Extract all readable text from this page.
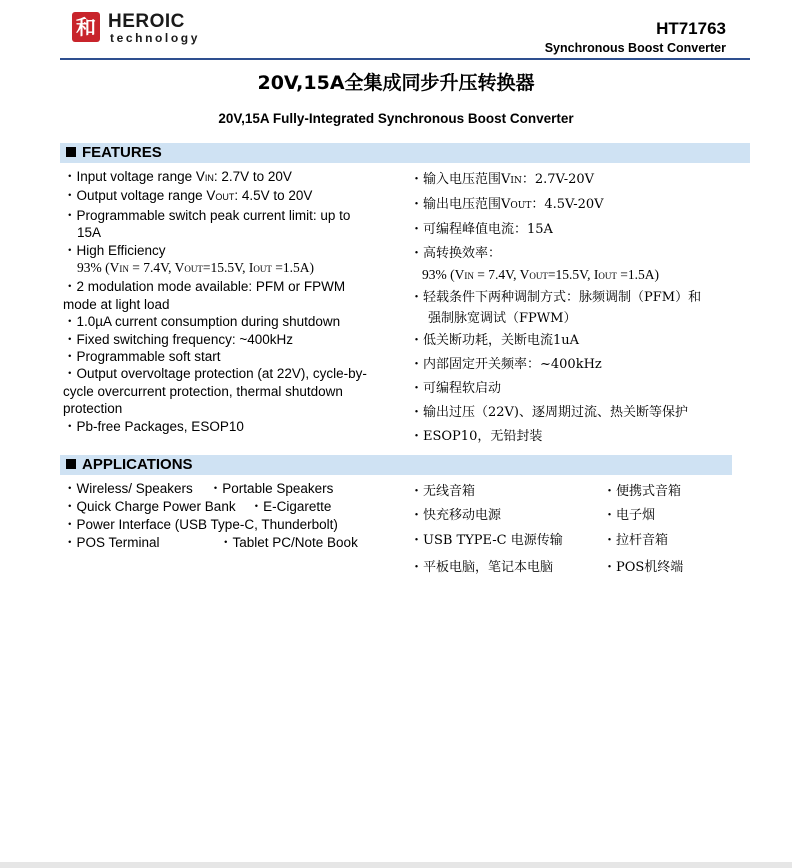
和 HEROIC
technology	HT71763
Synchronous Boost Converter
20V,15A全集成同步升压转换器
20V,15A Fully-Integrated Synchronous Boost Converter
FEATURES
・Input voltage range VIN: 2.7V to 20V
・Output voltage range VOUT: 4.5V to 20V
・Programmable switch peak current limit: up to
15A
・High Efficiency
93% (VIN = 7.4V, VOUT=15.5V, IOUT =1.5A)
・2 modulation mode available: PFM or FPWM
mode at light load
・1.0µA current consumption during shutdown
・Fixed switching frequency: ~400kHz
・Programmable soft start
・Output overvoltage protection (at 22V), cycle-by-
cycle overcurrent protection, thermal shutdown
protection
・Pb-free Packages, ESOP10
・输入电压范围VIN：2.7V-20V
・输出电压范围VOUT：4.5V-20V
・可编程峰值电流：15A
・高转换效率：
93% (VIN = 7.4V, VOUT=15.5V, IOUT =1.5A)
・轻载条件下两种调制方式：脉频调制（PFM）和
强制脉宽调试（FPWM）
・低关断功耗，关断电流1uA
・内部固定开关频率：~400kHz
・可编程软启动
・输出过压（22V)、逐周期过流、热关断等保护
・ESOP10，无铅封装
APPLICATIONS
・Wireless/ Speakers ・Portable Speakers
・Quick Charge Power Bank ・E-Cigarette
・Power Interface (USB Type-C, Thunderbolt)
・POS Terminal	・Tablet PC/Note Book
・无线音箱
・快充移动电源
・USB TYPE-C 电源传输
・平板电脑，笔记本电脑
・便携式音箱
・电子烟
・拉杆音箱
・POS机终端
